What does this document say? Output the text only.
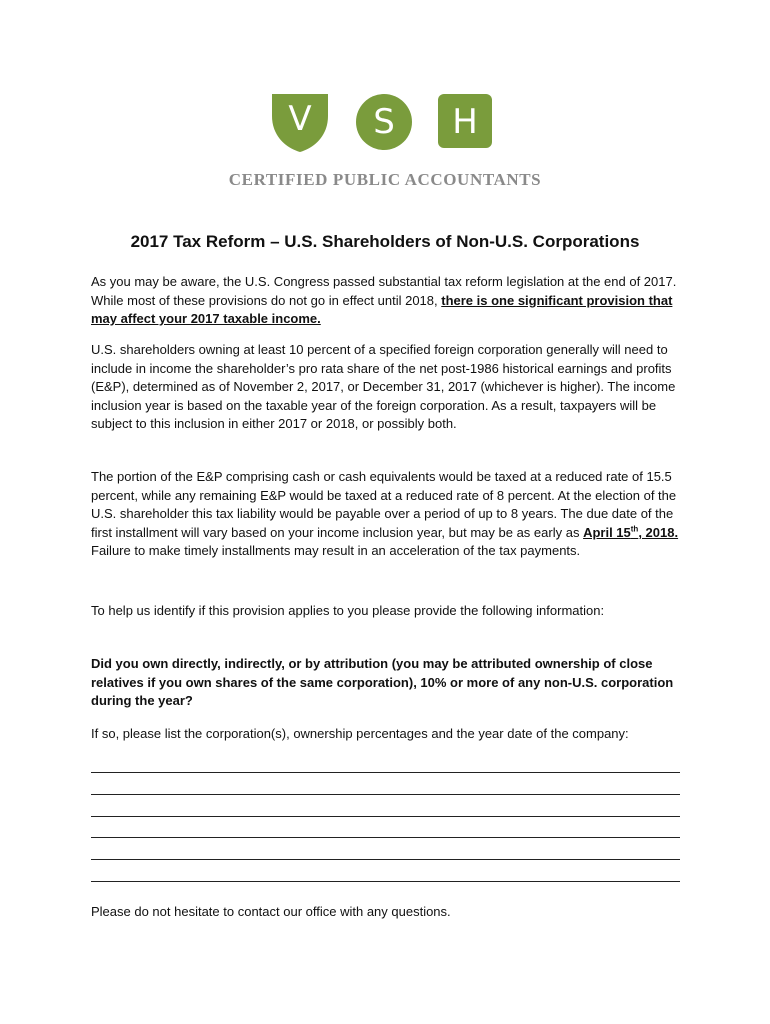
V	S	H
CERTIFIED PUBLIC ACCOUNTANTS
2017 Tax Reform – U.S. Shareholders of Non-U.S. Corporations
As you may be aware, the U.S. Congress passed substantial tax reform legislation at the end of 2017. While most of these provisions do not go in effect until 2018, there is one significant provision that may affect your 2017 taxable income.
U.S. shareholders owning at least 10 percent of a specified foreign corporation generally will need to include in income the shareholder’s pro rata share of the net post-1986 historical earnings and profits (E&P), determined as of November 2, 2017, or December 31, 2017 (whichever is higher). The income inclusion year is based on the taxable year of the foreign corporation. As a result, taxpayers will be subject to this inclusion in either 2017 or 2018, or possibly both.
The portion of the E&P comprising cash or cash equivalents would be taxed at a reduced rate of 15.5 percent, while any remaining E&P would be taxed at a reduced rate of 8 percent. At the election of the U.S. shareholder this tax liability would be payable over a period of up to 8 years. The due date of the first installment will vary based on your income inclusion year, but may be as early as April 15th, 2018. Failure to make timely installments may result in an acceleration of the tax payments.
To help us identify if this provision applies to you please provide the following information:
Did you own directly, indirectly, or by attribution (you may be attributed ownership of close relatives if you own shares of the same corporation), 10% or more of any non-U.S. corporation during the year?
If so, please list the corporation(s), ownership percentages and the year date of the company:
Please do not hesitate to contact our office with any questions.
